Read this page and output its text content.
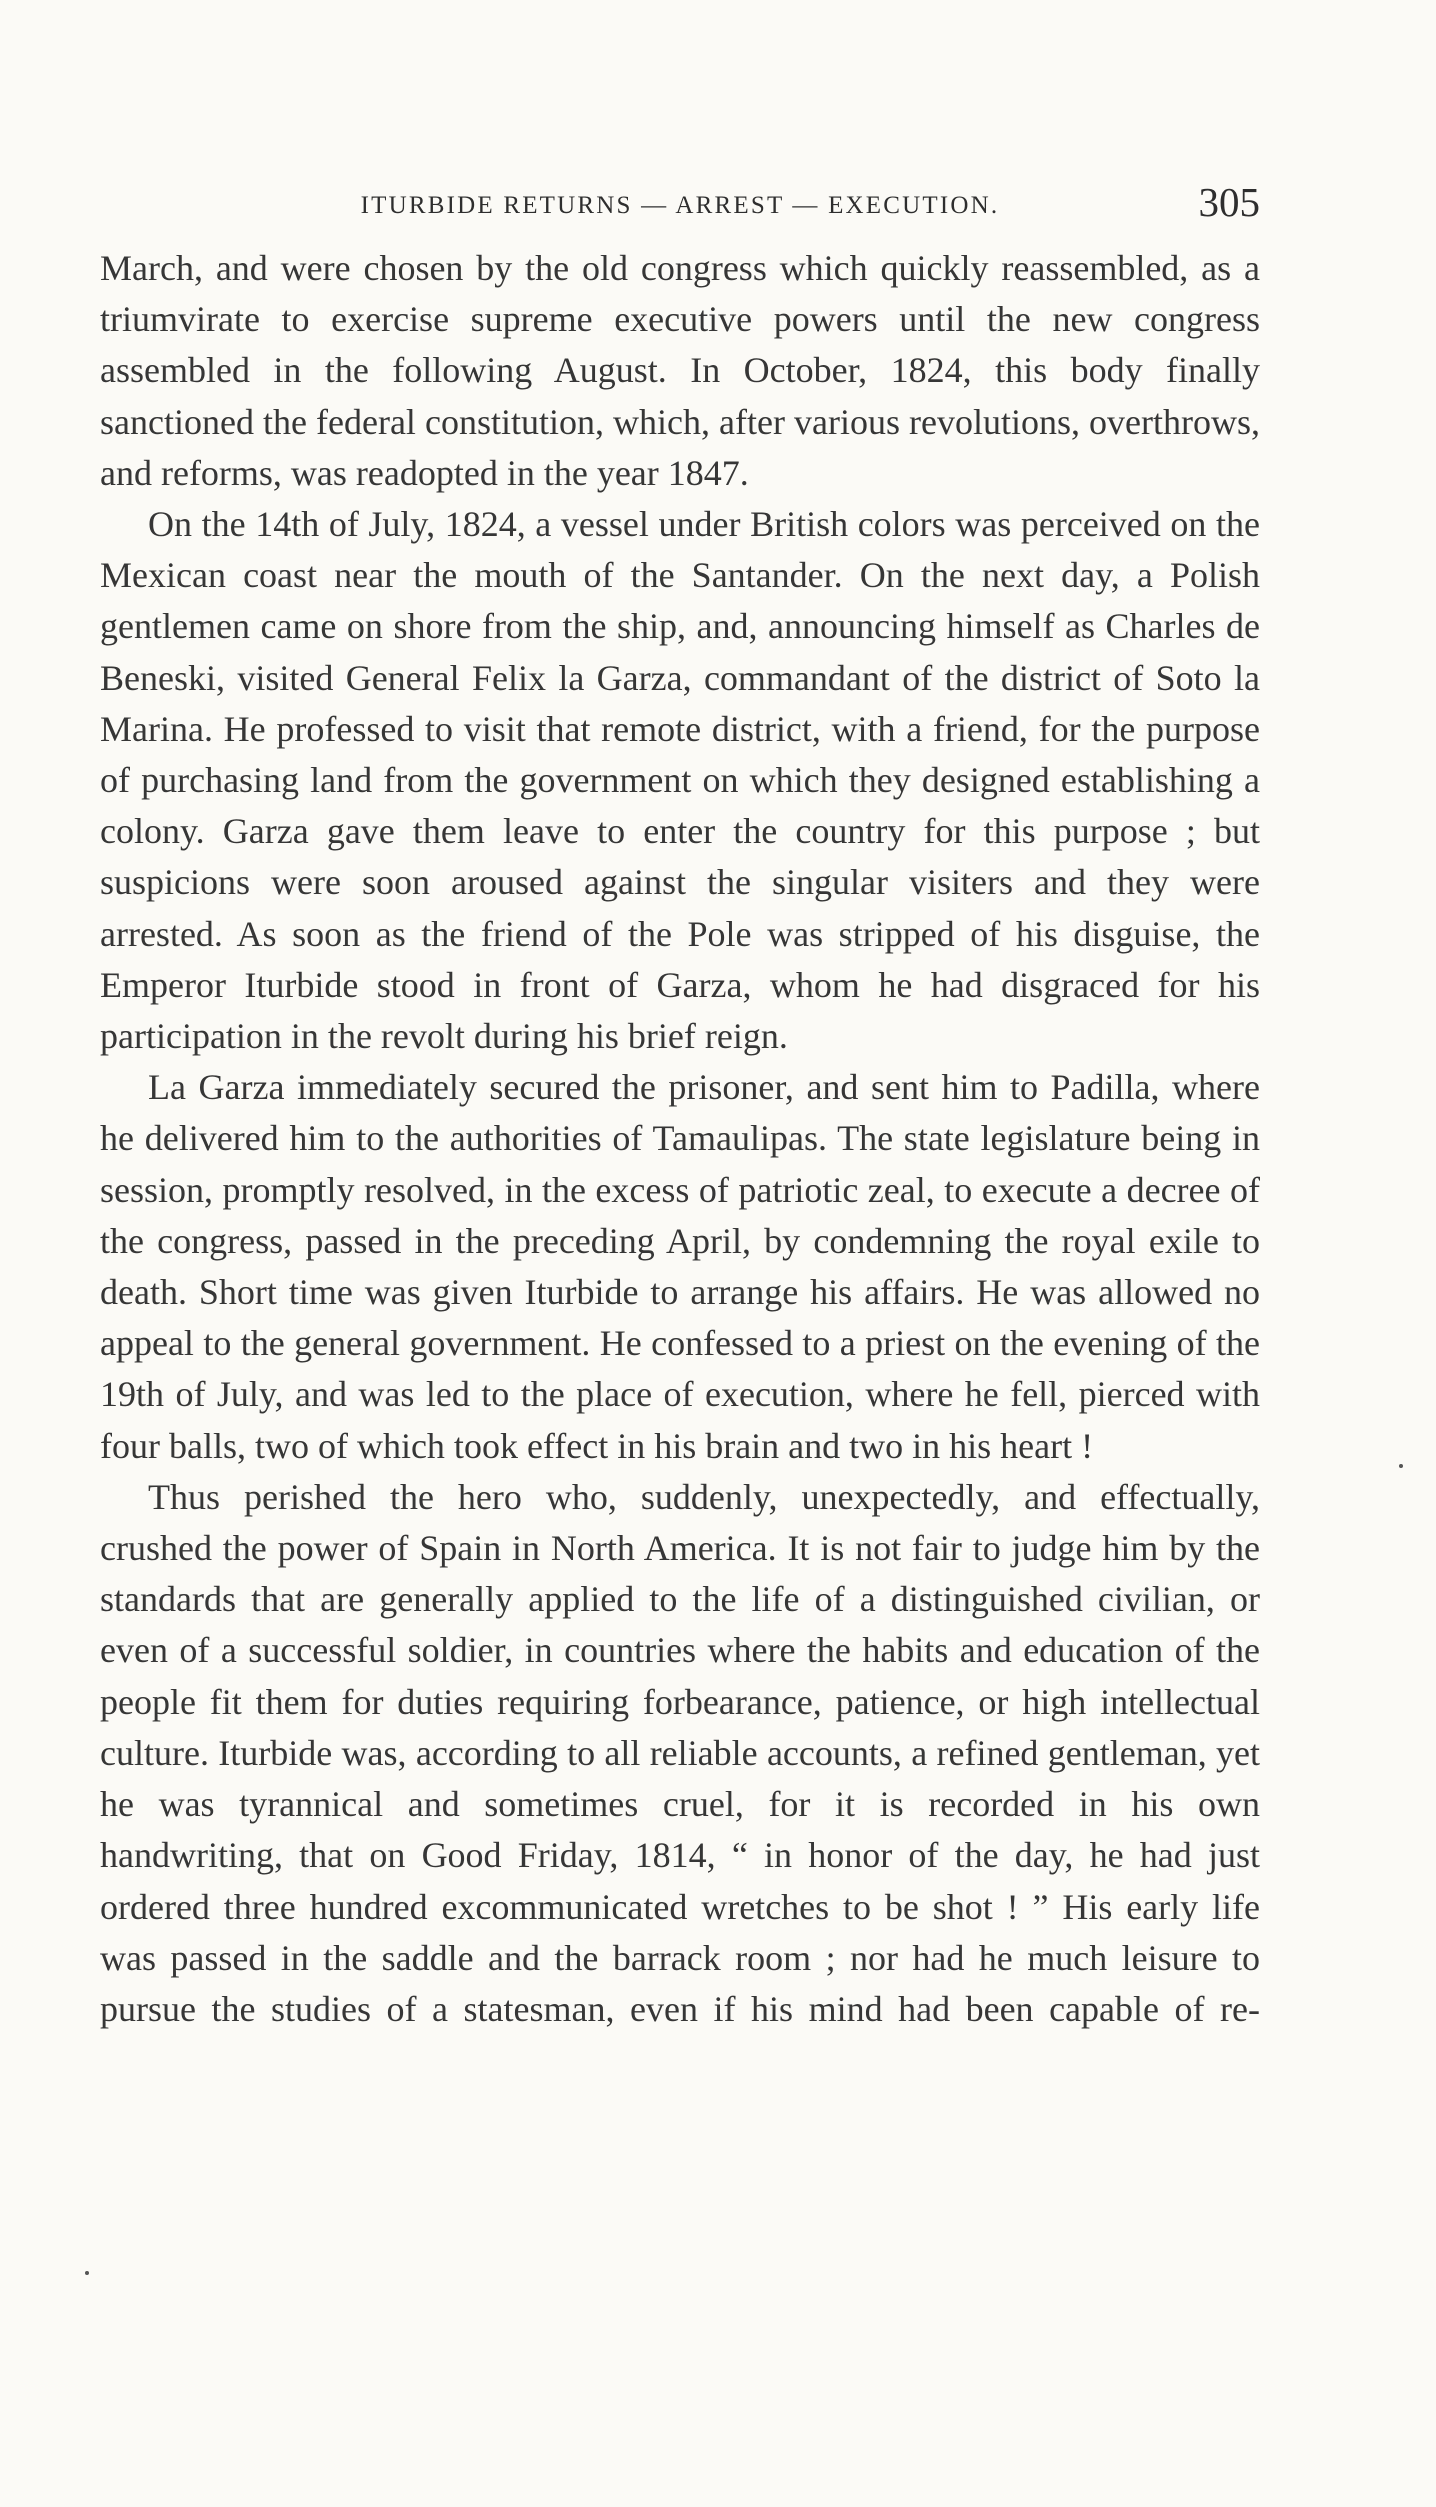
ITURBIDE RETURNS — ARREST — EXECUTION.	305

March, and were chosen by the old congress which quickly reassembled, as a triumvirate to exercise supreme executive powers until the new congress assembled in the following August. In October, 1824, this body finally sanctioned the federal constitution, which, after various revolutions, overthrows, and reforms, was readopted in the year 1847.

On the 14th of July, 1824, a vessel under British colors was perceived on the Mexican coast near the mouth of the Santander. On the next day, a Polish gentlemen came on shore from the ship, and, announcing himself as Charles de Beneski, visited General Felix la Garza, commandant of the district of Soto la Marina. He professed to visit that remote district, with a friend, for the purpose of purchasing land from the government on which they designed establishing a colony. Garza gave them leave to enter the country for this purpose ; but suspicions were soon aroused against the singular visiters and they were arrested. As soon as the friend of the Pole was stripped of his disguise, the Emperor Iturbide stood in front of Garza, whom he had disgraced for his participation in the revolt during his brief reign.

La Garza immediately secured the prisoner, and sent him to Padilla, where he delivered him to the authorities of Tamaulipas. The state legislature being in session, promptly resolved, in the excess of patriotic zeal, to execute a decree of the congress, passed in the preceding April, by condemning the royal exile to death. Short time was given Iturbide to arrange his affairs. He was allowed no appeal to the general government. He confessed to a priest on the evening of the 19th of July, and was led to the place of execution, where he fell, pierced with four balls, two of which took effect in his brain and two in his heart !

Thus perished the hero who, suddenly, unexpectedly, and effectually, crushed the power of Spain in North America. It is not fair to judge him by the standards that are generally applied to the life of a distinguished civilian, or even of a successful soldier, in countries where the habits and education of the people fit them for duties requiring forbearance, patience, or high intellectual culture. Iturbide was, according to all reliable accounts, a refined gentleman, yet he was tyrannical and sometimes cruel, for it is recorded in his own handwriting, that on Good Friday, 1814, “ in honor of the day, he had just ordered three hundred excommunicated wretches to be shot ! ” His early life was passed in the saddle and the barrack room ; nor had he much leisure to pursue the studies of a statesman, even if his mind had been capable of re-
